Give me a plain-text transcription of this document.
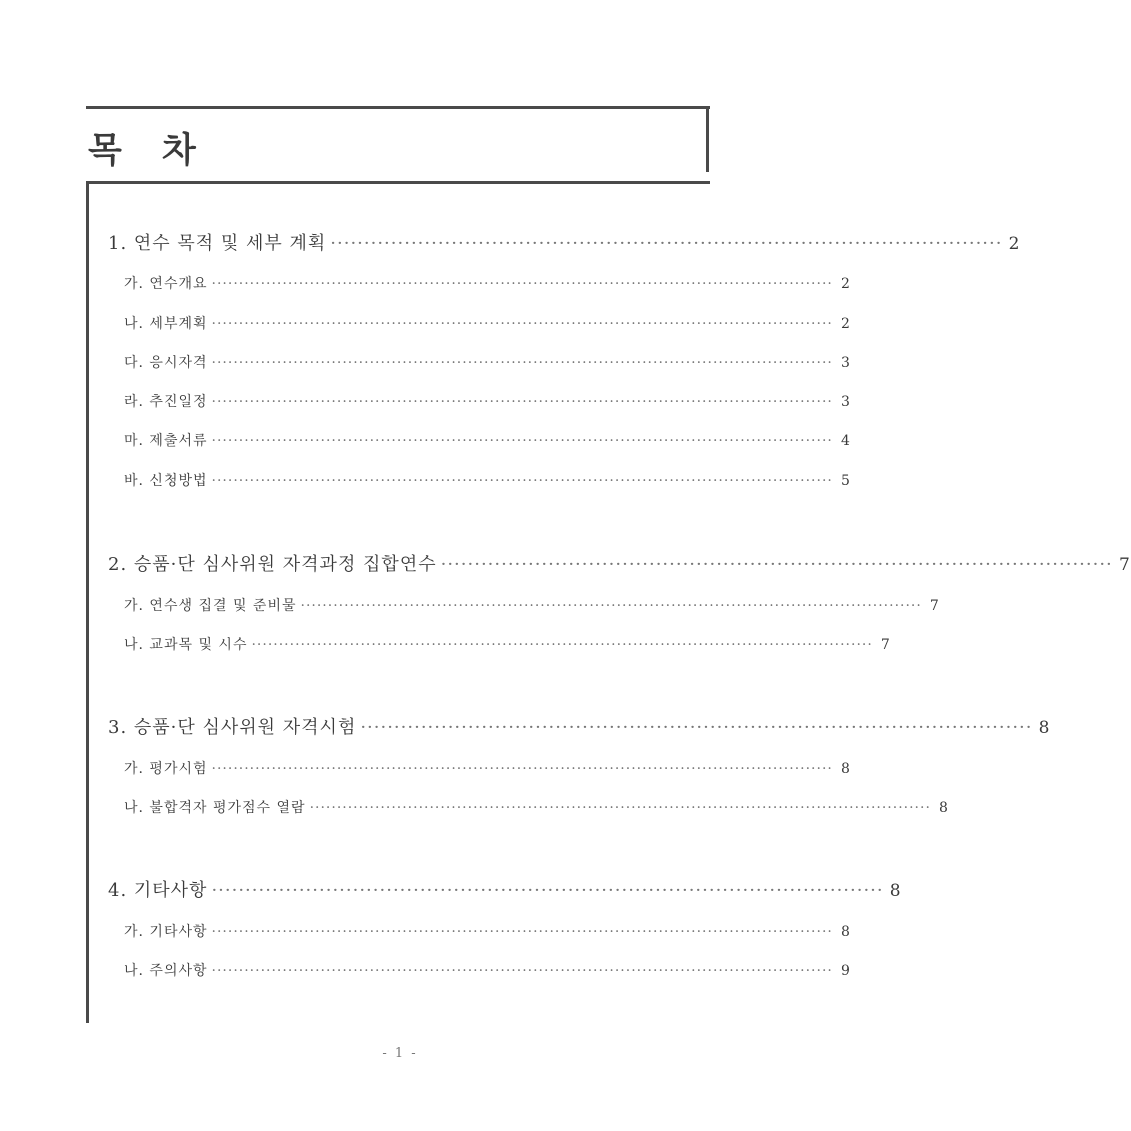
목 차
1. 연수 목적 및 세부 계획 ···································································································· 2
가. 연수개요 ·················································································································· 2
나. 세부계획 ·················································································································· 2
다. 응시자격 ·················································································································· 3
라. 추진일정 ·················································································································· 3
마. 제출서류 ·················································································································· 4
바. 신청방법 ·················································································································· 5
2. 승품·단 심사위원 자격과정 집합연수 ···································································································· 7
가. 연수생 집결 및 준비물 ·················································································································· 7
나. 교과목 및 시수 ·················································································································· 7
3. 승품·단 심사위원 자격시험 ···································································································· 8
가. 평가시험 ·················································································································· 8
나. 불합격자 평가점수 열람 ·················································································································· 8
4. 기타사항 ···································································································· 8
가. 기타사항 ·················································································································· 8
나. 주의사항 ·················································································································· 9
- 1 -
